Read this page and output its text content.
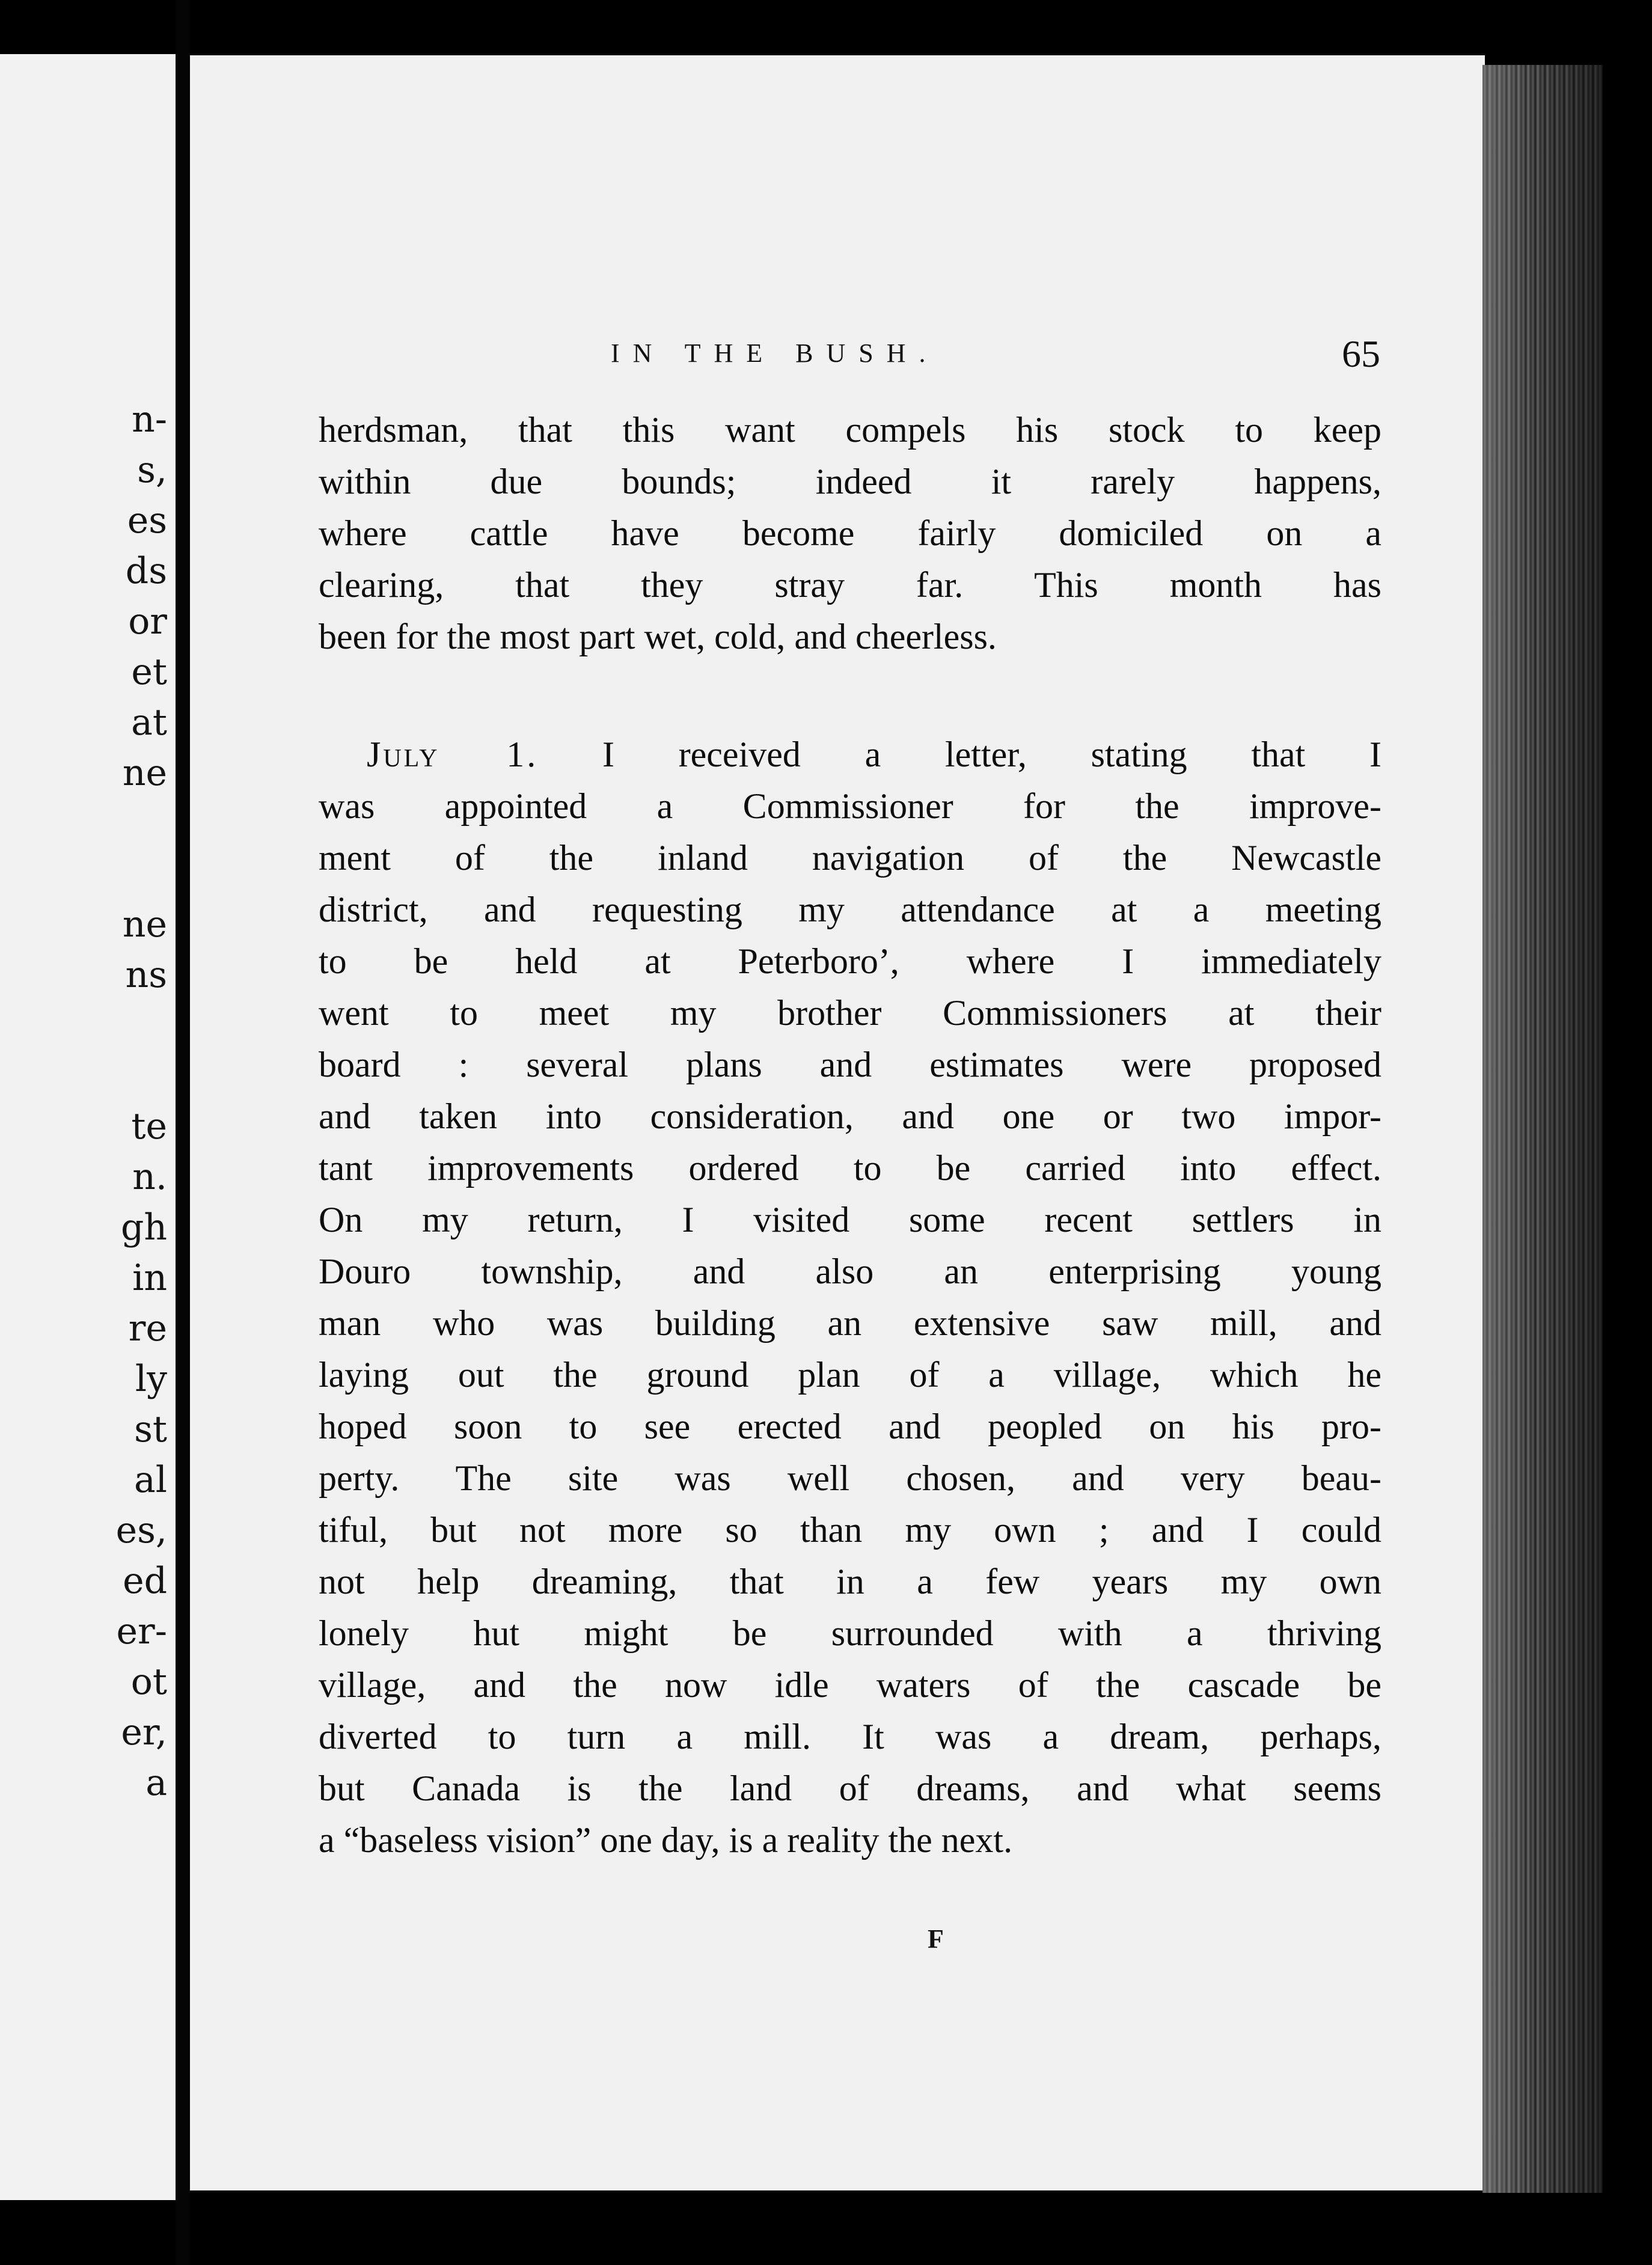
n-
s,
es
ds
or
et
at
ne
ne
ns
te
n.
gh
in
re
ly
st
al
es,
ed
er-
ot
er,
a
IN THE BUSH.	65
herdsman, that this want compels his stock to keep
within due bounds; indeed it rarely happens,
where cattle have become fairly domiciled on a
clearing, that they stray far. This month has
been for the most part wet, cold, and cheerless.
July 1. I received a letter, stating that I
was appointed a Commissioner for the improve-
ment of the inland navigation of the Newcastle
district, and requesting my attendance at a meeting
to be held at Peterboro’, where I immediately
went to meet my brother Commissioners at their
board : several plans and estimates were proposed
and taken into consideration, and one or two impor-
tant improvements ordered to be carried into effect.
On my return, I visited some recent settlers in
Douro township, and also an enterprising young
man who was building an extensive saw mill, and
laying out the ground plan of a village, which he
hoped soon to see erected and peopled on his pro-
perty. The site was well chosen, and very beau-
tiful, but not more so than my own ; and I could
not help dreaming, that in a few years my own
lonely hut might be surrounded with a thriving
village, and the now idle waters of the cascade be
diverted to turn a mill. It was a dream, perhaps,
but Canada is the land of dreams, and what seems
a “baseless vision” one day, is a reality the next.
F
